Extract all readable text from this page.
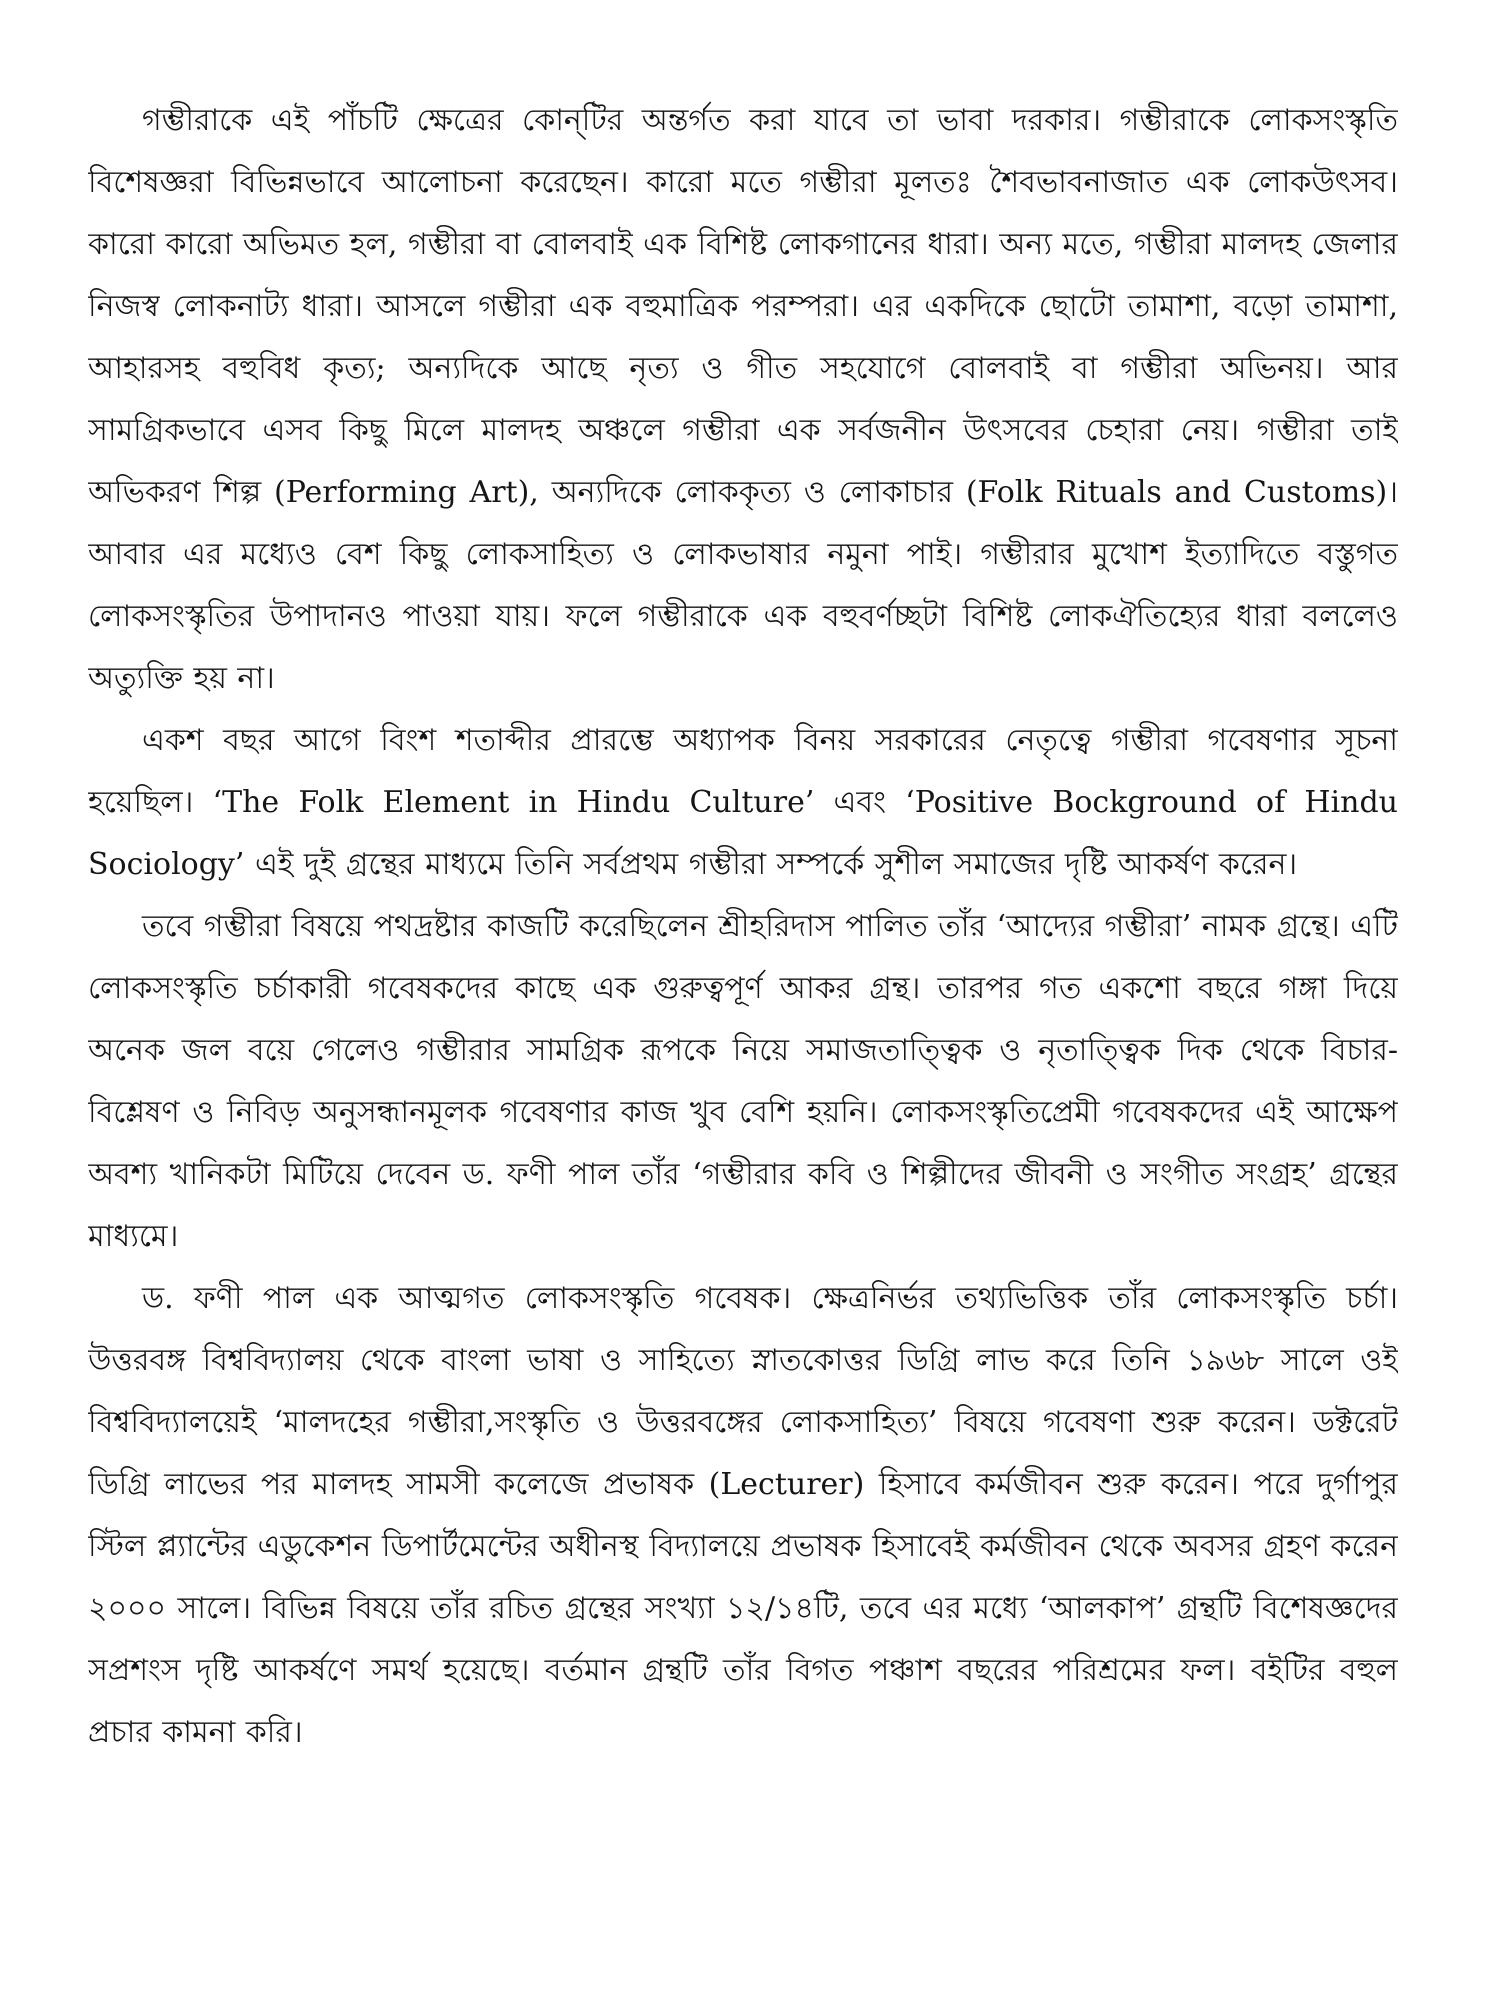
গম্ভীরাকে এই পাঁচটি ক্ষেত্রের কোন্‌টির অন্তর্গত করা যাবে তা ভাবা দরকার। গম্ভীরাকে লোকসংস্কৃতি বিশেষজ্ঞরা বিভিন্নভাবে আলোচনা করেছেন। কারো মতে গম্ভীরা মূলতঃ শৈবভাবনাজাত এক লোকউৎসব। কারো কারো অভিমত হল, গম্ভীরা বা বোলবাই এক বিশিষ্ট লোকগানের ধারা। অন্য মতে, গম্ভীরা মালদহ জেলার নিজস্ব লোকনাট্য ধারা। আসলে গম্ভীরা এক বহুমাত্রিক পরম্পরা। এর একদিকে ছোটো তামাশা, বড়ো তামাশা, আহারসহ বহুবিধ কৃত্য; অন্যদিকে আছে নৃত্য ও গীত সহযোগে বোলবাই বা গম্ভীরা অভিনয়। আর সামগ্রিকভাবে এসব কিছু মিলে মালদহ অঞ্চলে গম্ভীরা এক সর্বজনীন উৎসবের চেহারা নেয়। গম্ভীরা তাই অভিকরণ শিল্প (Performing Art), অন্যদিকে লোককৃত্য ও লোকাচার (Folk Rituals and Customs)। আবার এর মধ্যেও বেশ কিছু লোকসাহিত্য ও লোকভাষার নমুনা পাই। গম্ভীরার মুখোশ ইত্যাদিতে বস্তুগত লোকসংস্কৃতির উপাদানও পাওয়া যায়। ফলে গম্ভীরাকে এক বহুবর্ণচ্ছটা বিশিষ্ট লোকঐতিহ্যের ধারা বললেও অত্যুক্তি হয় না।

একশ বছর আগে বিংশ শতাব্দীর প্রারম্ভে অধ্যাপক বিনয় সরকারের নেতৃত্বে গম্ভীরা গবেষণার সূচনা হয়েছিল। ‘The Folk Element in Hindu Culture’ এবং ‘Positive Bockground of Hindu Sociology’ এই দুই গ্রন্থের মাধ্যমে তিনি সর্বপ্রথম গম্ভীরা সম্পর্কে সুশীল সমাজের দৃষ্টি আকর্ষণ করেন।

তবে গম্ভীরা বিষয়ে পথদ্রষ্টার কাজটি করেছিলেন শ্রীহরিদাস পালিত তাঁর ‘আদ্যের গম্ভীরা’ নামক গ্রন্থে। এটি লোকসংস্কৃতি চর্চাকারী গবেষকদের কাছে এক গুরুত্বপূর্ণ আকর গ্রন্থ। তারপর গত একশো বছরে গঙ্গা দিয়ে অনেক জল বয়ে গেলেও গম্ভীরার সামগ্রিক রূপকে নিয়ে সমাজতাত্ত্বিক ও নৃতাত্ত্বিক দিক থেকে বিচার-বিশ্লেষণ ও নিবিড় অনুসন্ধানমূলক গবেষণার কাজ খুব বেশি হয়নি। লোকসংস্কৃতিপ্রেমী গবেষকদের এই আক্ষেপ অবশ্য খানিকটা মিটিয়ে দেবেন ড. ফণী পাল তাঁর ‘গম্ভীরার কবি ও শিল্পীদের জীবনী ও সংগীত সংগ্রহ’ গ্রন্থের মাধ্যমে।

ড. ফণী পাল এক আত্মগত লোকসংস্কৃতি গবেষক। ক্ষেত্রনির্ভর তথ্যভিত্তিক তাঁর লোকসংস্কৃতি চর্চা। উত্তরবঙ্গ বিশ্ববিদ্যালয় থেকে বাংলা ভাষা ও সাহিত্যে স্নাতকোত্তর ডিগ্রি লাভ করে তিনি ১৯৬৮ সালে ওই বিশ্ববিদ্যালয়েই ‘মালদহের গম্ভীরা,সংস্কৃতি ও উত্তরবঙ্গের লোকসাহিত্য’ বিষয়ে গবেষণা শুরু করেন। ডক্টরেট ডিগ্রি লাভের পর মালদহ সামসী কলেজে প্রভাষক (Lecturer) হিসাবে কর্মজীবন শুরু করেন। পরে দুর্গাপুর স্টিল প্ল্যান্টের এডুকেশন ডিপার্টমেন্টের অধীনস্থ বিদ্যালয়ে প্রভাষক হিসাবেই কর্মজীবন থেকে অবসর গ্রহণ করেন ২০০০ সালে। বিভিন্ন বিষয়ে তাঁর রচিত গ্রন্থের সংখ্যা ১২/১৪টি, তবে এর মধ্যে ‘আলকাপ’ গ্রন্থটি বিশেষজ্ঞদের সপ্রশংস দৃষ্টি আকর্ষণে সমর্থ হয়েছে। বর্তমান গ্রন্থটি তাঁর বিগত পঞ্চাশ বছরের পরিশ্রমের ফল। বইটির বহুল প্রচার কামনা করি।
